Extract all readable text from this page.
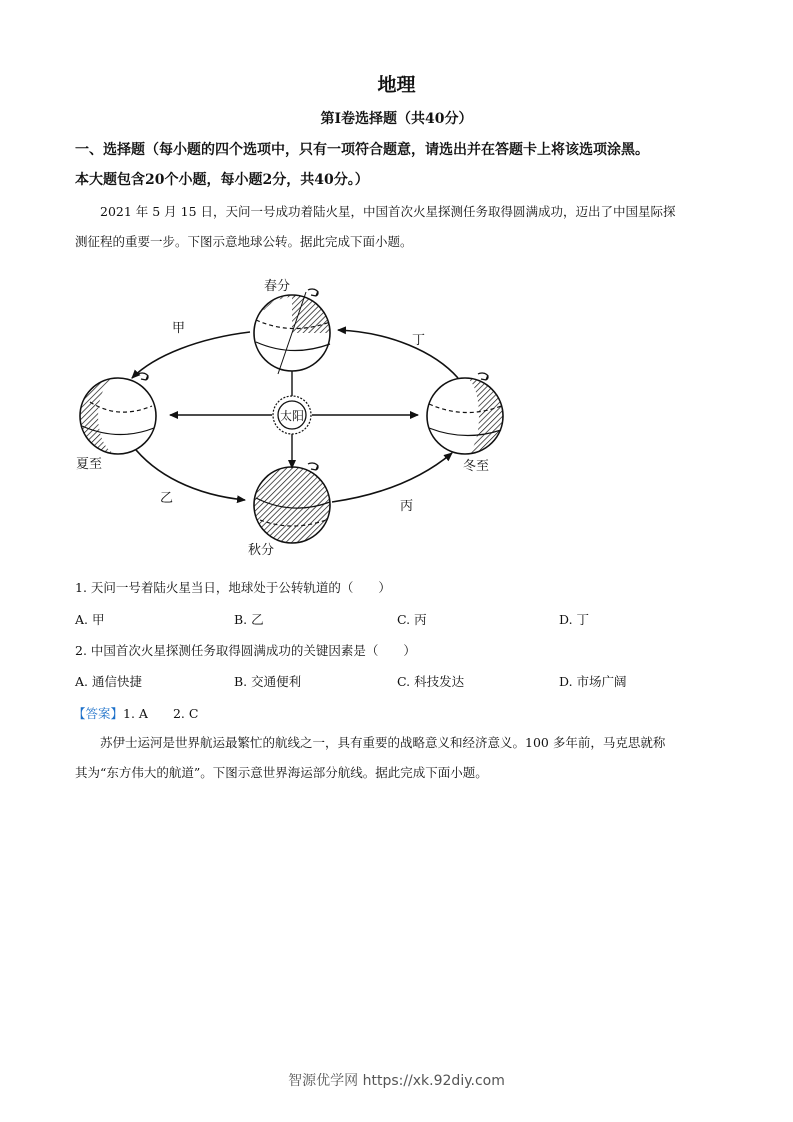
地理
第Ⅰ卷选择题（共40分）
一、选择题（每小题的四个选项中，只有一项符合题意，请选出并在答题卡上将该选项涂黑。
本大题包含20个小题，每小题2分，共40分。）
2021 年 5 月 15 日，天问一号成功着陆火星，中国首次火星探测任务取得圆满成功，迈出了中国星际探
测征程的重要一步。下图示意地球公转。据此完成下面小题。
太阳
春分
夏至
秋分
冬至
甲
乙
丙
丁
1. 天问一号着陆火星当日，地球处于公转轨道的（　　）
A. 甲	B. 乙	C. 丙	D. 丁
2. 中国首次火星探测任务取得圆满成功的关键因素是（　　）
A. 通信快捷	B. 交通便利	C. 科技发达	D. 市场广阔
【答案】1. A　　2. C
苏伊士运河是世界航运最繁忙的航线之一，具有重要的战略意义和经济意义。100 多年前，马克思就称
其为“东方伟大的航道”。下图示意世界海运部分航线。据此完成下面小题。
智源优学网 https://xk.92diy.com
